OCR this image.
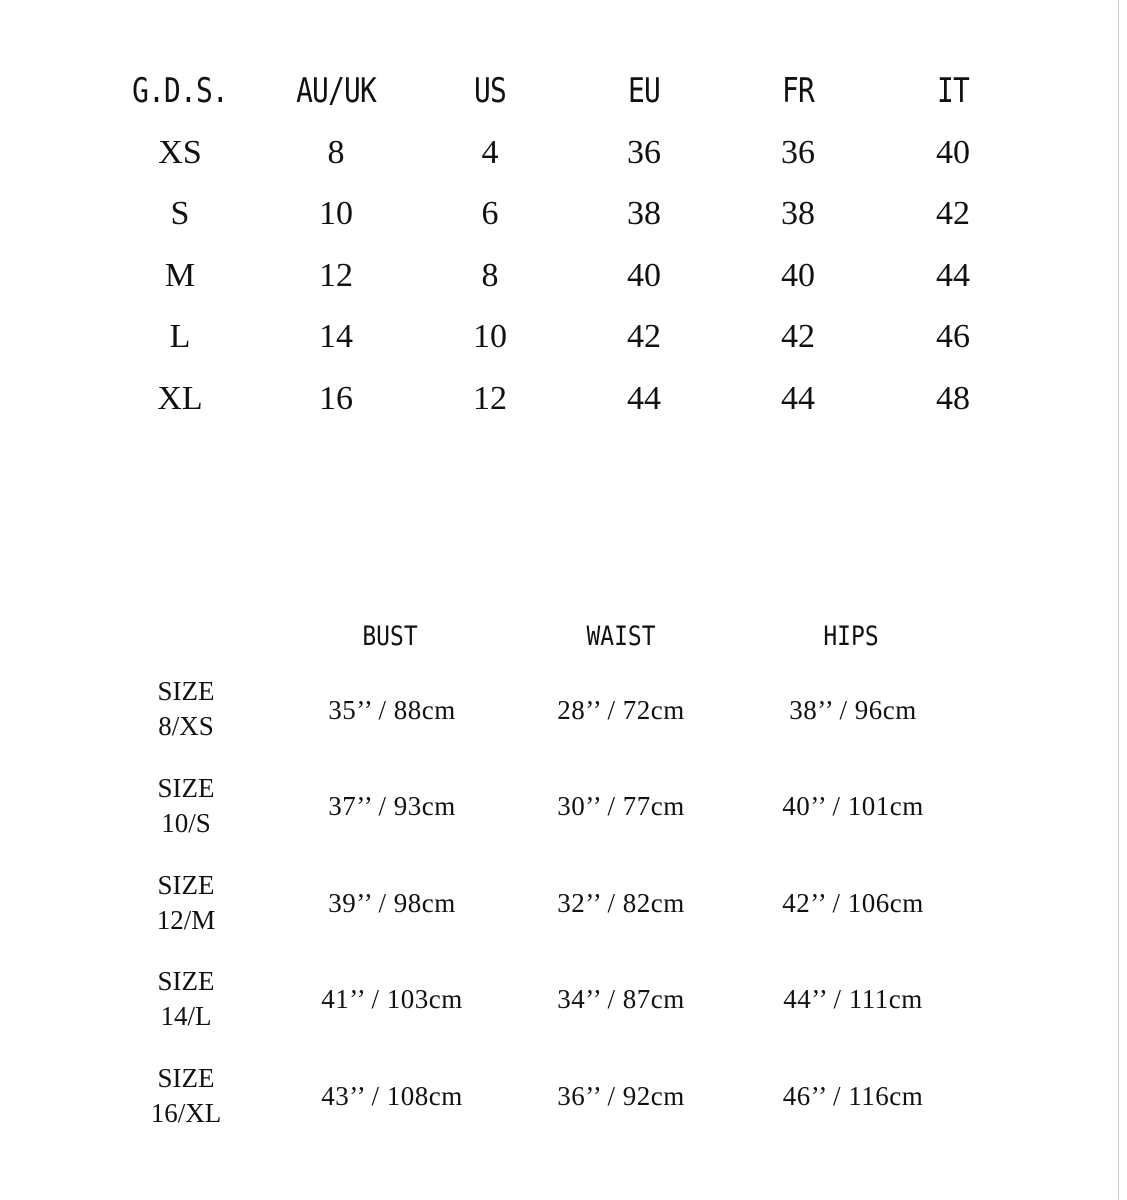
G.D.S. AU/UK	US	EU	FR	IT
XS	8	4	36	36	40
S	10	6	38	38	42
M	12	8	40	40	44
L	14	10	42	42	46
XL	16	12	44	44	48
BUST	WAIST	HIPS
SIZE
8/XS
35’’ / 88cm	28’’ / 72cm	38’’ / 96cm
SIZE
10/S
37’’ / 93cm	30’’ / 77cm	40’’ / 101cm
SIZE
12/M
39’’ / 98cm	32’’ / 82cm	42’’ / 106cm
SIZE
14/L
41’’ / 103cm	34’’ / 87cm	44’’ / 111cm
SIZE
16/XL
43’’ / 108cm	36’’ / 92cm	46’’ / 116cm
